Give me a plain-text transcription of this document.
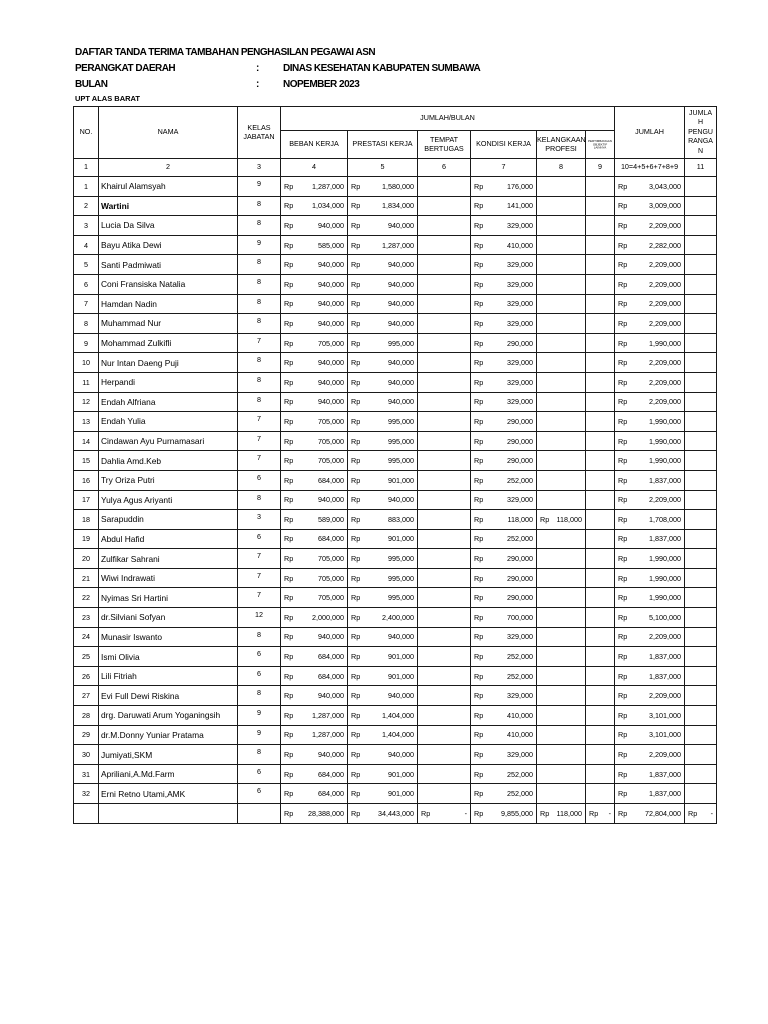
DAFTAR TANDA TERIMA TAMBAHAN PENGHASILAN PEGAWAI ASN
PERANGKAT DAERAH	: DINAS KESEHATAN KABUPATEN SUMBAWA
BULAN	: NOPEMBER 2023
UPT ALAS BARAT
NO.	NAMA	KELAS JABATAN	JUMLAH/BULAN						JUMLAH	JUMLAH PENGURANGAN

			BEBAN KERJA	PRESTASI KERJA	TEMPAT BERTUGAS	KONDISI KERJA	KELANGKAAN PROFESI	PERTIMBANGAN OBJEKTIF LAINNYA		

1	2	3	4	5	6	7	8	9	10=4+5+6+7+8+9	11
1	Khairul Alamsyah	9	Rp 1,287,000	Rp 1,580,000		Rp 176,000			Rp 3,043,000	

2	Wartini	8	Rp 1,034,000	Rp 1,834,000		Rp 141,000			Rp 3,009,000	

3	Lucia Da Silva	8	Rp 940,000	Rp 940,000		Rp 329,000			Rp 2,209,000	

4	Bayu Atika Dewi	9	Rp 585,000	Rp 1,287,000		Rp 410,000			Rp 2,282,000	

5	Santi Padmiwati	8	Rp 940,000	Rp 940,000		Rp 329,000			Rp 2,209,000	

6	Coni Fransiska Natalia	8	Rp 940,000	Rp 940,000		Rp 329,000			Rp 2,209,000	

7	Hamdan Nadin	8	Rp 940,000	Rp 940,000		Rp 329,000			Rp 2,209,000	

8	Muhammad Nur	8	Rp 940,000	Rp 940,000		Rp 329,000			Rp 2,209,000	

9	Mohammad Zulkifli	7	Rp 705,000	Rp 995,000		Rp 290,000			Rp 1,990,000	

10	Nur Intan Daeng Puji	8	Rp 940,000	Rp 940,000		Rp 329,000			Rp 2,209,000	

11	Herpandi	8	Rp 940,000	Rp 940,000		Rp 329,000			Rp 2,209,000	

12	Endah Alfriana	8	Rp 940,000	Rp 940,000		Rp 329,000			Rp 2,209,000	

13	Endah Yulia	7	Rp 705,000	Rp 995,000		Rp 290,000			Rp 1,990,000	

14	Cindawan Ayu Purnamasari	7	Rp 705,000	Rp 995,000		Rp 290,000			Rp 1,990,000	

15	Dahlia Amd.Keb	7	Rp 705,000	Rp 995,000		Rp 290,000			Rp 1,990,000	

16	Try Oriza Putri	6	Rp 684,000	Rp 901,000		Rp 252,000			Rp 1,837,000	

17	Yulya Agus Ariyanti	8	Rp 940,000	Rp 940,000		Rp 329,000			Rp 2,209,000	

18	Sarapuddin	3	Rp 589,000	Rp 883,000		Rp 118,000	Rp 118,000		Rp 1,708,000	

19	Abdul Hafid	6	Rp 684,000	Rp 901,000		Rp 252,000			Rp 1,837,000	

20	Zulfikar Sahrani	7	Rp 705,000	Rp 995,000		Rp 290,000			Rp 1,990,000	

21	Wiwi Indrawati	7	Rp 705,000	Rp 995,000		Rp 290,000			Rp 1,990,000	

22	Nyimas Sri Hartini	7	Rp 705,000	Rp 995,000		Rp 290,000			Rp 1,990,000	

23	dr.Silviani Sofyan	12	Rp 2,000,000	Rp 2,400,000		Rp 700,000			Rp 5,100,000	

24	Munasir Iswanto	8	Rp 940,000	Rp 940,000		Rp 329,000			Rp 2,209,000	

25	Ismi Olivia	6	Rp 684,000	Rp 901,000		Rp 252,000			Rp 1,837,000	

26	Lili Fitriah	6	Rp 684,000	Rp 901,000		Rp 252,000			Rp 1,837,000	

27	Evi Full Dewi Riskina	8	Rp 940,000	Rp 940,000		Rp 329,000			Rp 2,209,000	

28	drg. Daruwati Arum Yoganingsih	9	Rp 1,287,000	Rp 1,404,000		Rp 410,000			Rp 3,101,000	

29	dr.M.Donny Yuniar Pratama	9	Rp 1,287,000	Rp 1,404,000		Rp 410,000			Rp 3,101,000	

30	Jumiyati,SKM	8	Rp 940,000	Rp 940,000		Rp 329,000			Rp 2,209,000	

31	Apriliani,A.Md.Farm	6	Rp 684,000	Rp 901,000		Rp 252,000			Rp 1,837,000	

32	Erni Retno Utami,AMK	6	Rp 684,000	Rp 901,000		Rp 252,000			Rp 1,837,000	

			Rp 28,388,000	Rp 34,443,000	Rp -	Rp 9,855,000	Rp 118,000	Rp -	Rp 72,804,000	Rp -
